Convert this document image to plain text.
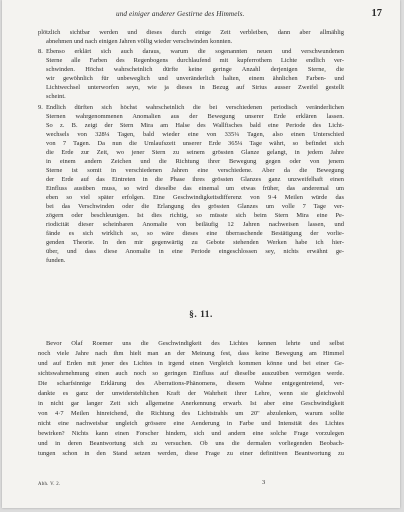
und einiger anderer Gestirne des Himmels.	17
plötzlich sichtbar werden und dieses durch einige Zeit verbleiben, dann aber allmählig
abnehmen und nach einigen Jahren völlig wieder verschwinden konnten.
8. Ebenso erklärt sich auch daraus, warum die sogenannten neuen und verschwundenen
Sterne alle Farben des Regenbogens durchlaufend mit kupferrothem Lichte endlich ver-
schwinden. Höchst wahrscheinlich dürfte keine geringe Anzahl derjenigen Sterne, die
wir gewöhnlich für unbeweglich und unveränderlich halten, einem ähnlichen Farben- und
Lichtwechsel unterworfen seyn, wie ja dieses in Bezug auf Sirius ausser Zweifel gestellt
scheint.
9. Endlich dürften sich höchst wahrscheinlich die bei verschiedenen periodisch veränderlichen
Sternen wahrgenommenen Anomalien aus der Bewegung unserer Erde erklären lassen.
So z. B. zeigt der Stern Mira am Halse des Wallfisches bald eine Periode des Licht-
wechsels von 328¼ Tagen, bald wieder eine von 335¼ Tagen, also einen Unterschied
von 7 Tagen. Da nun die Umlaufszeit unserer Erde 365¼ Tage währt, so befindet sich
die Erde zur Zeit, wo jener Stern zu seinem grössten Glanze gelangt, in jedem Jahre
in einem andern Zeichen und die Richtung ihrer Bewegung gegen oder von jenem
Sterne ist somit in verschiedenen Jahren eine verschiedene. Aber da die Bewegung
der Erde auf das Eintreten in die Phase ihres grössten Glanzes ganz unzweifelhaft einen
Einfluss ausüben muss, so wird dieselbe das einemal um etwas früher, das anderemal um
eben so viel später erfolgen. Eine Geschwindigkeitsdifferenz von 9·4 Meilen würde das
bei das Verschwinden oder die Erlangung des grössten Glanzes um volle 7 Tage ver-
zögern oder beschleunigen. Ist dies richtig, so müsste sich beim Stern Mira eine Pe-
riodicität dieser scheinbaren Anomalie von beiläufig 12 Jahren nachweisen lassen, und
fände es sich wirklich so, so wäre dieses eine überraschende Bestätigung der vorlie-
genden Theorie. In den mir gegenwärtig zu Gebote stehenden Werken habe ich hier-
über, und dass diese Anomalie in eine Periode eingeschlossen sey, nichts erwähnt ge-
funden.
§. 11.
Bevor Olaf Roemer uns die Geschwindigkeit des Lichtes kennen lehrte und selbst
noch viele Jahre nach ihm hielt man an der Meinung fest, dass keine Bewegung am Himmel
und auf Erden mit jener des Lichtes in irgend einen Vergleich kommen könne und bei einer Ge-
sichtswahrnehmung einen auch noch so geringen Einfluss auf dieselbe auszuüben vermögen werde.
Die scharfsinnige Erklärung des Aberrations-Phänomens, diesem Wahne entgegentretend, ver-
dankte es ganz der unwiderstehlichen Kraft der Wahrheit ihrer Lehre, wenn sie gleichwohl
in nicht gar langer Zeit sich allgemeine Anerkennung erwarb. Ist aber eine Geschwindigkeit
von 4·7 Meilen hinreichend, die Richtung des Lichtstrahls um 20'' abzulenken, warum sollte
nicht eine nachweisbar ungleich grössere eine Aenderung in Farbe und Intensität des Lichtes
bewirken? Nichts kann einen Forscher hindern, sich und andern eine solche Frage vorzulegen
und in deren Beantwortung sich zu versuchen. Ob uns die dermalen vorliegenden Beobach-
tungen schon in den Stand setzen werden, diese Frage zu einer definitiven Beantwortung zu
Abh. V. 2.	3
